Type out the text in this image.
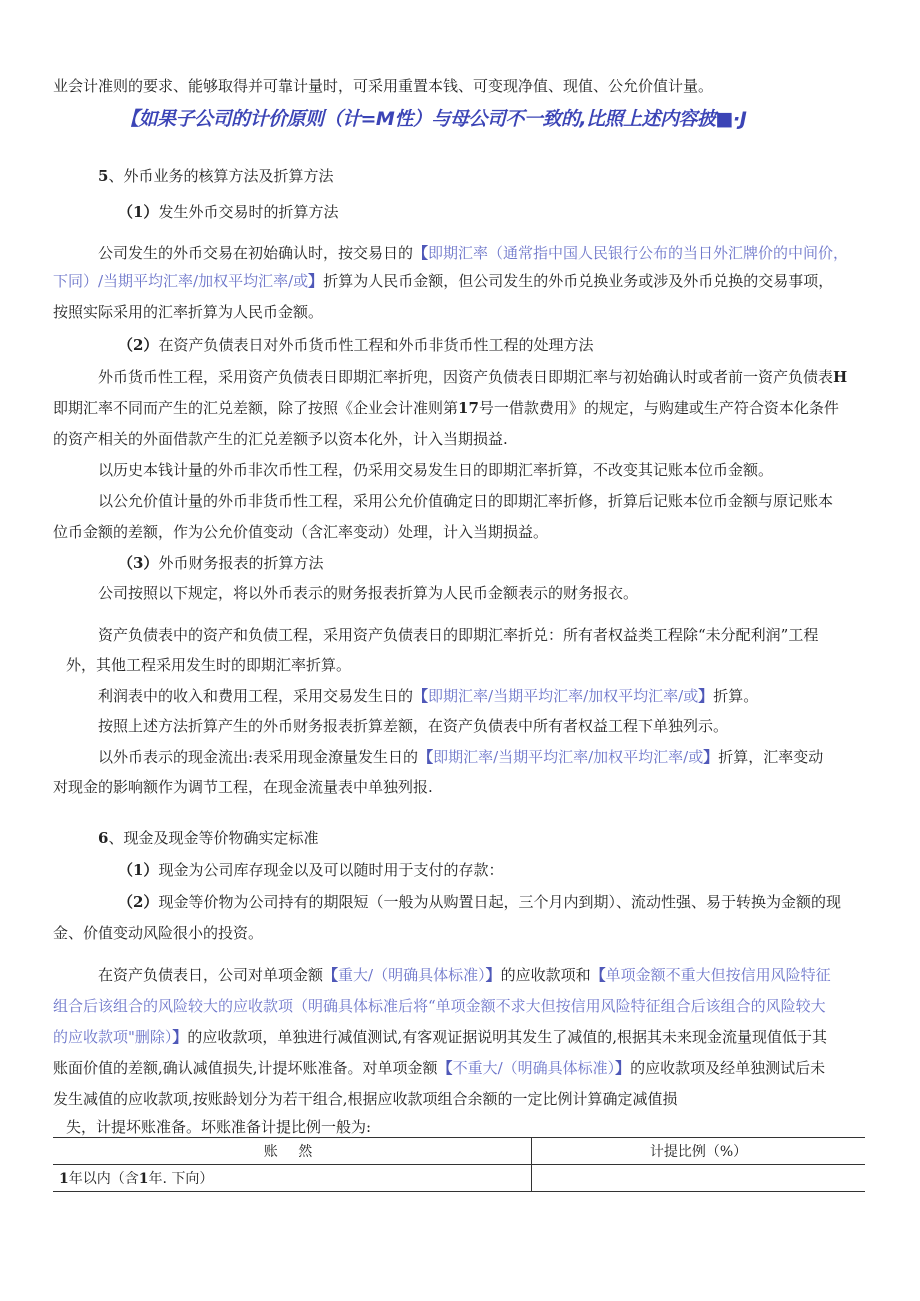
业会计准则的要求、能够取得并可靠计量时，可采用重置本钱、可变现净值、现值、公允价值计量。
【如果子公司的计价原则（计=M性）与母公司不一致的,比照上述内容披■·J
5、外币业务的核算方法及折算方法
（1）发生外币交易时的折算方法
公司发生的外币交易在初始确认时，按交易日的【即期汇率（通常指中国人民银行公布的当日外汇牌价的中间价，
下同）/当期平均汇率/加权平均汇率/或】折算为人民币金额，但公司发生的外币兑换业务或涉及外币兑换的交易事项，
按照实际采用的汇率折算为人民币金额。
（2）在资产负债表日对外币货币性工程和外币非货币性工程的处理方法
外币货币性工程，采用资产负债表日即期汇率折兜，因资产负债表日即期汇率与初始确认时或者前一资产负债表H
即期汇率不同而产生的汇兑差额，除了按照《企业会计准则第17号一借款费用》的规定，与购建或生产符合资本化条件
的资产相关的外面借款产生的汇兑差额予以资本化外，计入当期损益.
以历史本钱计量的外币非次币性工程，仍采用交易发生日的即期汇率折算，不改变其记账本位币金额。
以公允价值计量的外币非货币性工程，采用公允价值确定日的即期汇率折修，折算后记账本位币金额与原记账本
位币金额的差额，作为公允价值变动（含汇率变动）处理，计入当期损益。
（3）外币财务报表的折算方法
公司按照以下规定，将以外币表示的财务报表折算为人民币金额表示的财务报衣。
资产负债表中的资产和负债工程，采用资产负债表日的即期汇率折兑：所有者权益类工程除“未分配利润”工程
外，其他工程采用发生时的即期汇率折算。
利润表中的收入和费用工程，采用交易发生日的【即期汇率/当期平均汇率/加权平均汇率/或】折算。
按照上述方法折算产生的外币财务报表折算差额，在资产负债表中所有者权益工程下单独列示。
以外币表示的现金流出:表采用现金潦量发生日的【即期汇率/当期平均汇率/加权平均汇率/或】折算，汇率变动
对现金的影响额作为调节工程，在现金流量表中单独列报.
6、现金及现金等价物确实定标准
（1）现金为公司库存现金以及可以随时用于支付的存款：
（2）现金等价物为公司持有的期限短（一般为从购置日起，三个月内到期）、流动性强、易于转换为金额的现
金、价值变动风险很小的投资。
在资产负债表日，公司对单项金额【重大/（明确具体标准）】的应收款项和【单项金额不重大但按信用风险特征
组合后该组合的风险较大的应收款项（明确具体标准后将“单项金额不求大但按信用风险特征组合后该组合的风险较大
的应收款项"删除）】的应收款项，单独进行减值测试,有客观证据说明其发生了减值的,根据其未来现金流量现值低于其
账面价值的差额,确认减值损失,计提坏账准备。对单项金额【不重大/（明确具体标准）】的应收款项及经单独测试后未
发生减值的应收款项,按账龄划分为若干组合,根据应收款项组合余额的一定比例计算确定减值损
失，计提坏账准备。坏账准备计提比例一般为:
账 然	计提比例（%）
1年以内（含1年. 下向）	
